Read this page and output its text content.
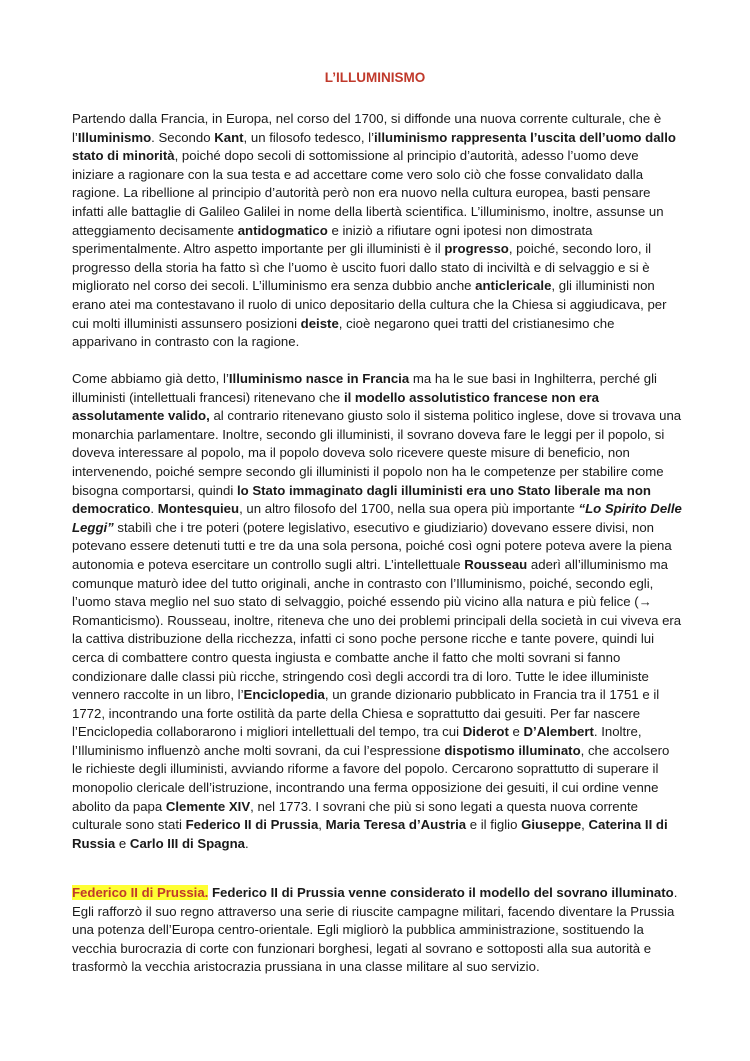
L’ILLUMINISMO

Partendo dalla Francia, in Europa, nel corso del 1700, si diffonde una nuova corrente culturale, che è l’Illuminismo. Secondo Kant, un filosofo tedesco, l’illuminismo rappresenta l’uscita dell’uomo dallo stato di minorità, poiché dopo secoli di sottomissione al principio d’autorità, adesso l’uomo deve iniziare a ragionare con la sua testa e ad accettare come vero solo ciò che fosse convalidato dalla ragione. La ribellione al principio d’autorità però non era nuovo nella cultura europea, basti pensare infatti alle battaglie di Galileo Galilei in nome della libertà scientifica. L’illuminismo, inoltre, assunse un atteggiamento decisamente antidogmatico e iniziò a rifiutare ogni ipotesi non dimostrata sperimentalmente. Altro aspetto importante per gli illuministi è il progresso, poiché, secondo loro, il progresso della storia ha fatto sì che l’uomo è uscito fuori dallo stato di inciviltà e di selvaggio e si è migliorato nel corso dei secoli. L’illuminismo era senza dubbio anche anticlericale, gli illuministi non erano atei ma contestavano il ruolo di unico depositario della cultura che la Chiesa si aggiudicava, per cui molti illuministi assunsero posizioni deiste, cioè negarono quei tratti del cristianesimo che apparivano in contrasto con la ragione.

Come abbiamo già detto, l’Illuminismo nasce in Francia ma ha le sue basi in Inghilterra, perché gli illuministi (intellettuali francesi) ritenevano che il modello assolutistico francese non era assolutamente valido, al contrario ritenevano giusto solo il sistema politico inglese, dove si trovava una monarchia parlamentare. Inoltre, secondo gli illuministi, il sovrano doveva fare le leggi per il popolo, si doveva interessare al popolo, ma il popolo doveva solo ricevere queste misure di beneficio, non intervenendo, poiché sempre secondo gli illuministi il popolo non ha le competenze per stabilire come bisogna comportarsi, quindi lo Stato immaginato dagli illuministi era uno Stato liberale ma non democratico. Montesquieu, un altro filosofo del 1700, nella sua opera più importante “Lo Spirito Delle Leggi” stabilì che i tre poteri (potere legislativo, esecutivo e giudiziario) dovevano essere divisi, non potevano essere detenuti tutti e tre da una sola persona, poiché così ogni potere poteva avere la piena autonomia e poteva esercitare un controllo sugli altri. L’intellettuale Rousseau aderì all’illuminismo ma comunque maturò idee del tutto originali, anche in contrasto con l’Illuminismo, poiché, secondo egli, l’uomo stava meglio nel suo stato di selvaggio, poiché essendo più vicino alla natura e più felice (→ Romanticismo). Rousseau, inoltre, riteneva che uno dei problemi principali della società in cui viveva era la cattiva distribuzione della ricchezza, infatti ci sono poche persone ricche e tante povere, quindi lui cerca di combattere contro questa ingiusta e combatte anche il fatto che molti sovrani si fanno condizionare dalle classi più ricche, stringendo così degli accordi tra di loro. Tutte le idee illuministe vennero raccolte in un libro, l’Enciclopedia, un grande dizionario pubblicato in Francia tra il 1751 e il 1772, incontrando una forte ostilità da parte della Chiesa e soprattutto dai gesuiti. Per far nascere l’Enciclopedia collaborarono i migliori intellettuali del tempo, tra cui Diderot e D’Alembert. Inoltre, l’Illuminismo influenzò anche molti sovrani, da cui l’espressione dispotismo illuminato, che accolsero le richieste degli illuministi, avviando riforme a favore del popolo. Cercarono soprattutto di superare il monopolio clericale dell’istruzione, incontrando una ferma opposizione dei gesuiti, il cui ordine venne abolito da papa Clemente XIV, nel 1773. I sovrani che più si sono legati a questa nuova corrente culturale sono stati Federico II di Prussia, Maria Teresa d’Austria e il figlio Giuseppe, Caterina II di Russia e Carlo III di Spagna.

Federico II di Prussia. Federico II di Prussia venne considerato il modello del sovrano illuminato. Egli rafforzò il suo regno attraverso una serie di riuscite campagne militari, facendo diventare la Prussia una potenza dell’Europa centro-orientale. Egli migliorò la pubblica amministrazione, sostituendo la vecchia burocrazia di corte con funzionari borghesi, legati al sovrano e sottoposti alla sua autorità e trasformò la vecchia aristocrazia prussiana in una classe militare al suo servizio.
